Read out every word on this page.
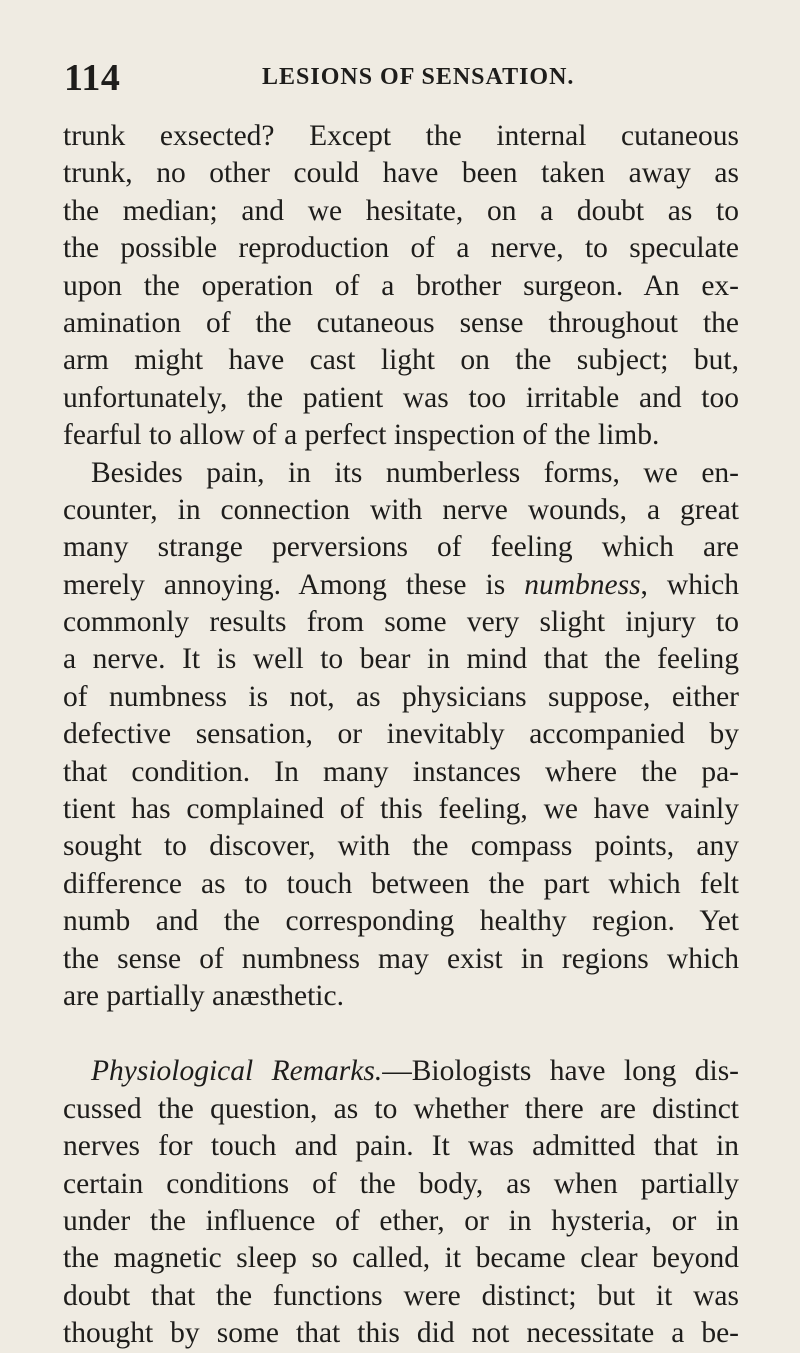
114	LESIONS OF SENSATION.
trunk exsected? Except the internal cutaneous
trunk, no other could have been taken away as
the median; and we hesitate, on a doubt as to
the possible reproduction of a nerve, to speculate
upon the operation of a brother surgeon. An ex-
amination of the cutaneous sense throughout the
arm might have cast light on the subject; but,
unfortunately, the patient was too irritable and too
fearful to allow of a perfect inspection of the limb.
Besides pain, in its numberless forms, we en-
counter, in connection with nerve wounds, a great
many strange perversions of feeling which are
merely annoying. Among these is numbness, which
commonly results from some very slight injury to
a nerve. It is well to bear in mind that the feeling
of numbness is not, as physicians suppose, either
defective sensation, or inevitably accompanied by
that condition. In many instances where the pa-
tient has complained of this feeling, we have vainly
sought to discover, with the compass points, any
difference as to touch between the part which felt
numb and the corresponding healthy region. Yet
the sense of numbness may exist in regions which
are partially anæsthetic.
Physiological Remarks.—Biologists have long dis-
cussed the question, as to whether there are distinct
nerves for touch and pain. It was admitted that in
certain conditions of the body, as when partially
under the influence of ether, or in hysteria, or in
the magnetic sleep so called, it became clear beyond
doubt that the functions were distinct; but it was
thought by some that this did not necessitate a be-
